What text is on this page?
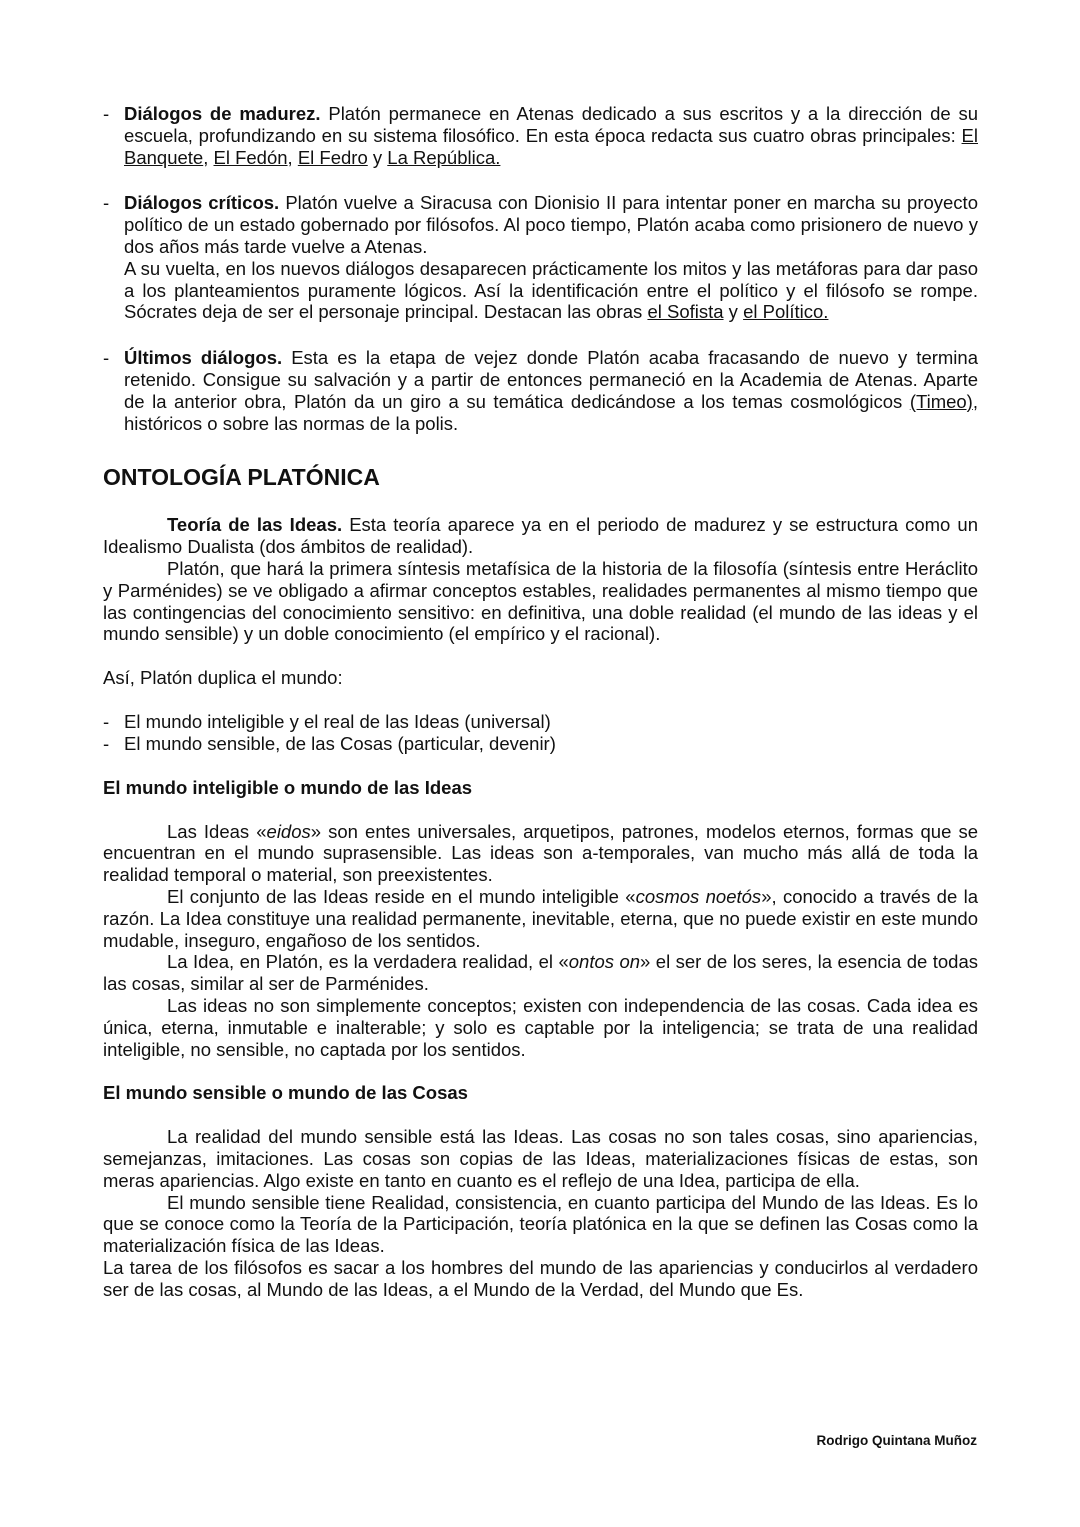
- Diálogos de madurez. Platón permanece en Atenas dedicado a sus escritos y a la dirección de su escuela, profundizando en su sistema filosófico. En esta época redacta sus cuatro obras principales: El Banquete, El Fedón, El Fedro y La República.

- Diálogos críticos. Platón vuelve a Siracusa con Dionisio II para intentar poner en marcha su proyecto político de un estado gobernado por filósofos. Al poco tiempo, Platón acaba como prisionero de nuevo y dos años más tarde vuelve a Atenas.

A su vuelta, en los nuevos diálogos desaparecen prácticamente los mitos y las metáforas para dar paso a los planteamientos puramente lógicos. Así la identificación entre el político y el filósofo se rompe. Sócrates deja de ser el personaje principal. Destacan las obras el Sofista y el Político.

- Últimos diálogos. Esta es la etapa de vejez donde Platón acaba fracasando de nuevo y termina retenido. Consigue su salvación y a partir de entonces permaneció en la Academia de Atenas. Aparte de la anterior obra, Platón da un giro a su temática dedicándose a los temas cosmológicos (Timeo), históricos o sobre las normas de la polis.

ONTOLOGÍA PLATÓNICA

Teoría de las Ideas. Esta teoría aparece ya en el periodo de madurez y se estructura como un Idealismo Dualista (dos ámbitos de realidad).

Platón, que hará la primera síntesis metafísica de la historia de la filosofía (síntesis entre Heráclito y Parménides) se ve obligado a afirmar conceptos estables, realidades permanentes al mismo tiempo que las contingencias del conocimiento sensitivo: en definitiva, una doble realidad (el mundo de las ideas y el mundo sensible) y un doble conocimiento (el empírico y el racional).

Así, Platón duplica el mundo:

- El mundo inteligible y el real de las Ideas (universal)
- El mundo sensible, de las Cosas (particular, devenir)
El mundo inteligible o mundo de las Ideas

Las Ideas «eidos» son entes universales, arquetipos, patrones, modelos eternos, formas que se encuentran en el mundo suprasensible. Las ideas son a-temporales, van mucho más allá de toda la realidad temporal o material, son preexistentes.

El conjunto de las Ideas reside en el mundo inteligible «cosmos noetós», conocido a través de la razón. La Idea constituye una realidad permanente, inevitable, eterna, que no puede existir en este mundo mudable, inseguro, engañoso de los sentidos.

La Idea, en Platón, es la verdadera realidad, el «ontos on» el ser de los seres, la esencia de todas las cosas, similar al ser de Parménides.

Las ideas no son simplemente conceptos; existen con independencia de las cosas. Cada idea es única, eterna, inmutable e inalterable; y solo es captable por la inteligencia; se trata de una realidad inteligible, no sensible, no captada por los sentidos.

El mundo sensible o mundo de las Cosas

La realidad del mundo sensible está las Ideas. Las cosas no son tales cosas, sino apariencias, semejanzas, imitaciones. Las cosas son copias de las Ideas, materializaciones físicas de estas, son meras apariencias. Algo existe en tanto en cuanto es el reflejo de una Idea, participa de ella.

El mundo sensible tiene Realidad, consistencia, en cuanto participa del Mundo de las Ideas. Es lo que se conoce como la Teoría de la Participación, teoría platónica en la que se definen las Cosas como la materialización física de las Ideas.

La tarea de los filósofos es sacar a los hombres del mundo de las apariencias y conducirlos al verdadero ser de las cosas, al Mundo de las Ideas, a el Mundo de la Verdad, del Mundo que Es.

Rodrigo Quintana Muñoz
